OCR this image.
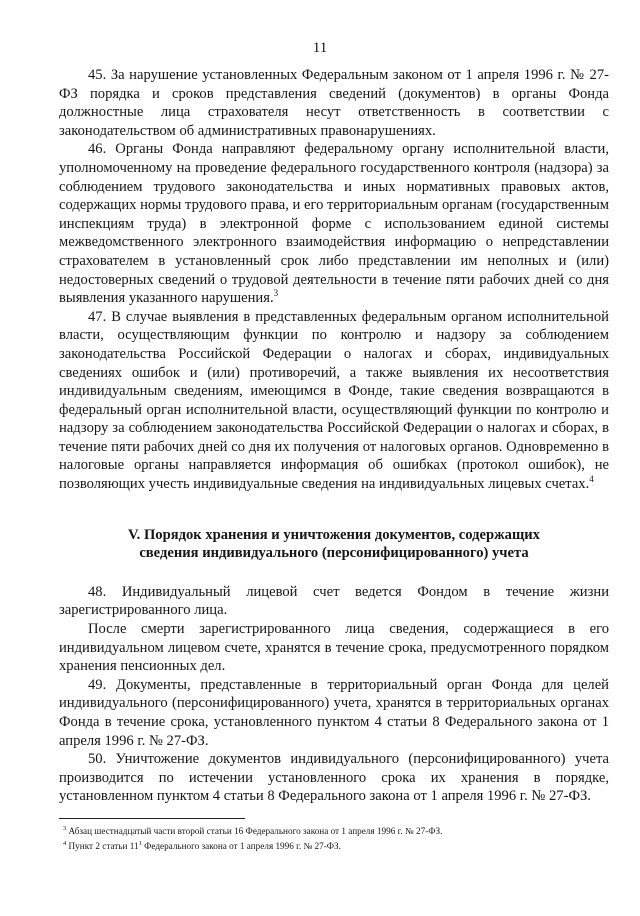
11

45. За нарушение установленных Федеральным законом от 1 апреля 1996 г. № 27-ФЗ порядка и сроков представления сведений (документов) в органы Фонда должностные лица страхователя несут ответственность в соответствии с законодательством об административных правонарушениях.

46. Органы Фонда направляют федеральному органу исполнительной власти, уполномоченному на проведение федерального государственного контроля (надзора) за соблюдением трудового законодательства и иных нормативных правовых актов, содержащих нормы трудового права, и его территориальным органам (государственным инспекциям труда) в электронной форме с использованием единой системы межведомственного электронного взаимодействия информацию о непредставлении страхователем в установленный срок либо представлении им неполных и (или) недостоверных сведений о трудовой деятельности в течение пяти рабочих дней со дня выявления указанного нарушения.$^3$

47. В случае выявления в представленных федеральным органом исполнительной власти, осуществляющим функции по контролю и надзору за соблюдением законодательства Российской Федерации о налогах и сборах, индивидуальных сведениях ошибок и (или) противоречий, а также выявления их несоответствия индивидуальным сведениям, имеющимся в Фонде, такие сведения возвращаются в федеральный орган исполнительной власти, осуществляющий функции по контролю и надзору за соблюдением законодательства Российской Федерации о налогах и сборах, в течение пяти рабочих дней со дня их получения от налоговых органов. Одновременно в налоговые органы направляется информация об ошибках (протокол ошибок), не позволяющих учесть индивидуальные сведения на индивидуальных лицевых счетах.$^4$

V. Порядок хранения и уничтожения документов, содержащих
сведения индивидуального (персонифицированного) учета

48. Индивидуальный лицевой счет ведется Фондом в течение жизни зарегистрированного лица.

После смерти зарегистрированного лица сведения, содержащиеся в его индивидуальном лицевом счете, хранятся в течение срока, предусмотренного порядком хранения пенсионных дел.

49. Документы, представленные в территориальный орган Фонда для целей индивидуального (персонифицированного) учета, хранятся в территориальных органах Фонда в течение срока, установленного пунктом 4 статьи 8 Федерального закона от 1 апреля 1996 г. № 27-ФЗ.

50. Уничтожение документов индивидуального (персонифицированного) учета производится по истечении установленного срока их хранения в порядке, установленном пунктом 4 статьи 8 Федерального закона от 1 апреля 1996 г. № 27-ФЗ.

$^3$ Абзац шестнадцатый части второй статьи 16 Федерального закона от 1 апреля 1996 г. № 27-ФЗ.

$^4$ Пункт 2 статьи $11^1$ Федерального закона от 1 апреля 1996 г. № 27-ФЗ.
